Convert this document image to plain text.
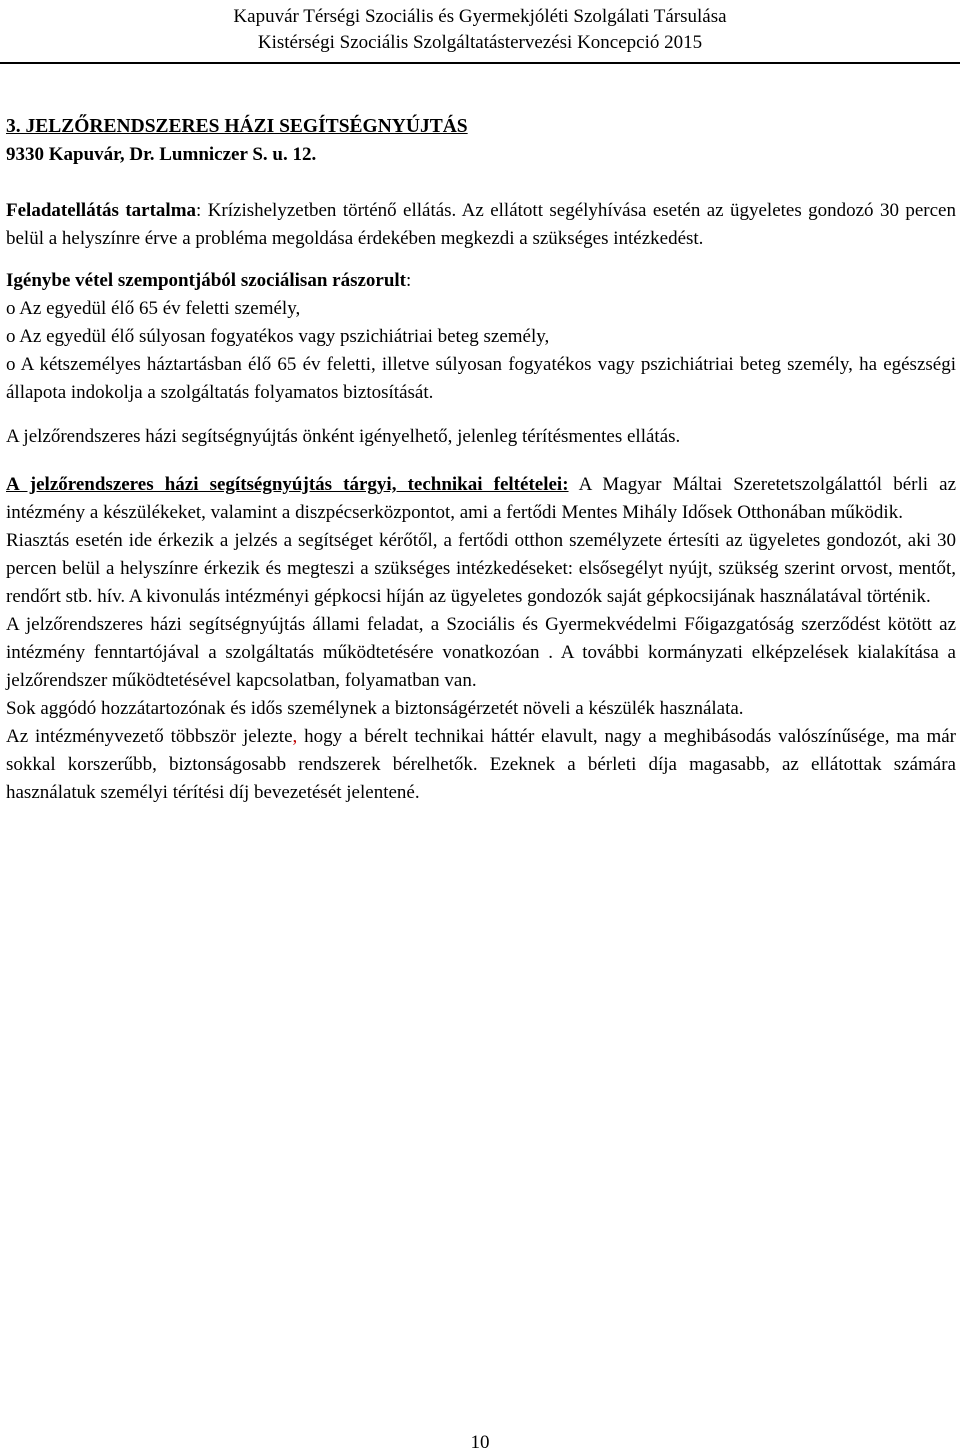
Kapuvár Térségi Szociális és Gyermekjóléti Szolgálati Társulása
Kistérségi Szociális Szolgáltatástervezési Koncepció 2015

3. JELZŐRENDSZERES HÁZI SEGÍTSÉGNYÚJTÁS

9330 Kapuvár, Dr. Lumniczer S. u. 12.

Feladatellátás tartalma: Krízishelyzetben történő ellátás. Az ellátott segélyhívása esetén az ügyeletes gondozó 30 percen belül a helyszínre érve a probléma megoldása érdekében megkezdi a szükséges intézkedést.

Igénybe vétel szempontjából szociálisan rászorult:

o Az egyedül élő 65 év feletti személy,
o Az egyedül élő súlyosan fogyatékos vagy pszichiátriai beteg személy,
o A kétszemélyes háztartásban élő 65 év feletti, illetve súlyosan fogyatékos vagy pszichiátriai beteg személy, ha egészségi állapota indokolja a szolgáltatás folyamatos biztosítását.

A jelzőrendszeres házi segítségnyújtás önként igényelhető, jelenleg térítésmentes ellátás.

A jelzőrendszeres házi segítségnyújtás tárgyi, technikai feltételei: A Magyar Máltai Szeretetszolgálattól bérli az intézmény a készülékeket, valamint a diszpécserközpontot, ami a fertődi Mentes Mihály Idősek Otthonában működik.

Riasztás esetén ide érkezik a jelzés a segítséget kérőtől, a fertődi otthon személyzete értesíti az ügyeletes gondozót, aki 30 percen belül a helyszínre érkezik és megteszi a szükséges intézkedéseket: elsősegélyt nyújt, szükség szerint orvost, mentőt, rendőrt stb. hív. A kivonulás intézményi gépkocsi híján az ügyeletes gondozók saját gépkocsijának használatával történik.

A jelzőrendszeres házi segítségnyújtás állami feladat, a Szociális és Gyermekvédelmi Főigazgatóság szerződést kötött az intézmény fenntartójával a szolgáltatás működtetésére vonatkozóan . A további kormányzati elképzelések kialakítása a jelzőrendszer működtetésével kapcsolatban, folyamatban van.

Sok aggódó hozzátartozónak és idős személynek a biztonságérzetét növeli a készülék használata.

Az intézményvezető többször jelezte, hogy a bérelt technikai háttér elavult, nagy a meghibásodás valószínűsége, ma már sokkal korszerűbb, biztonságosabb rendszerek bérelhetők. Ezeknek a bérleti díja magasabb, az ellátottak számára használatuk személyi térítési díj bevezetését jelentené.

10
